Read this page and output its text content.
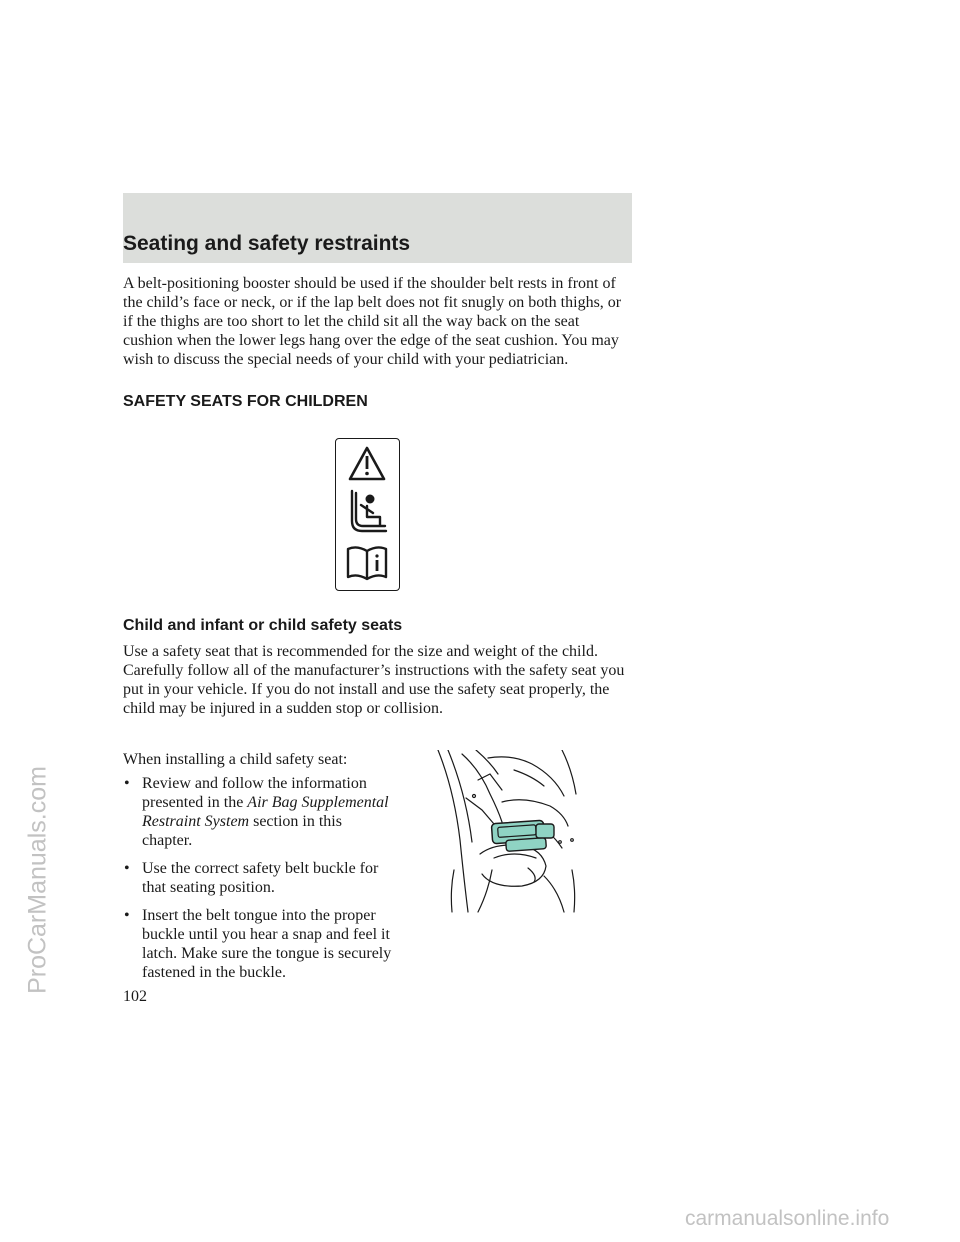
Seating and safety restraints
A belt-positioning booster should be used if the shoulder belt rests in front of the child’s face or neck, or if the lap belt does not fit snugly on both thighs, or if the thighs are too short to let the child sit all the way back on the seat cushion when the lower legs hang over the edge of the seat cushion. You may wish to discuss the special needs of your child with your pediatrician.
SAFETY SEATS FOR CHILDREN
Child and infant or child safety seats
Use a safety seat that is recommended for the size and weight of the child. Carefully follow all of the manufacturer’s instructions with the safety seat you put in your vehicle. If you do not install and use the safety seat properly, the child may be injured in a sudden stop or collision.
When installing a child safety seat:
• Review and follow the information presented in the Air Bag Supplemental Restraint System section in this chapter.
• Use the correct safety belt buckle for that seating position.
• Insert the belt tongue into the proper buckle until you hear a snap and feel it latch. Make sure the tongue is securely fastened in the buckle.
102
ProCarManuals.com
carmanualsonline.info
